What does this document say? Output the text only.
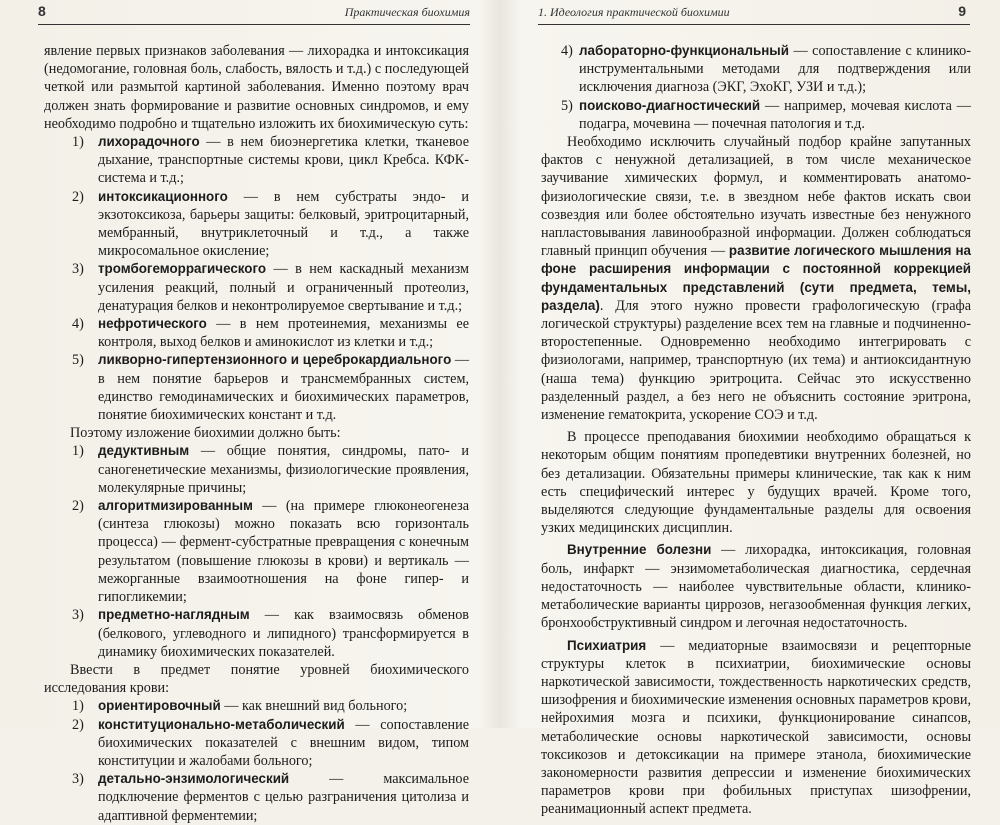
8	Практическая биохимия

явление первых признаков заболевания — лихорадка и интоксикация (недомогание, головная боль, слабость, вялость и т.д.) с последующей четкой или размытой картиной заболевания. Именно поэтому врач должен знать формирование и развитие основных синдромов, и ему необходимо подробно и тщательно изложить их биохимическую суть:

1) лихорадочного — в нем биоэнергетика клетки, тканевое дыхание, транспортные системы крови, цикл Кребса. КФК-система и т.д.;
2) интоксикационного — в нем субстраты эндо- и экзотоксикоза, барьеры защиты: белковый, эритроцитарный, мембранный, внутриклеточный и т.д., а также микросомальное окисление;
3) тромбогеморрагического — в нем каскадный механизм усиления реакций, полный и ограниченный протеолиз, денатурация белков и неконтролируемое свертывание и т.д.;
4) нефротического — в нем протеинемия, механизмы ее контроля, выход белков и аминокислот из клетки и т.д.;
5) ликворно-гипертензионного и цереброкардиального — в нем понятие барьеров и трансмембранных систем, единство гемодинамических и биохимических параметров, понятие биохимических констант и т.д.

Поэтому изложение биохимии должно быть:

1) дедуктивным — общие понятия, синдромы, пато- и саногенетические механизмы, физиологические проявления, молекулярные причины;
2) алгоритмизированным — (на примере глюконеогенеза (синтеза глюкозы) можно показать всю горизонталь процесса) — фермент-субстратные превращения с конечным результатом (повышение глюкозы в крови) и вертикаль — межорганные взаимоотношения на фоне гипер- и гипогликемии;
3) предметно-наглядным — как взаимосвязь обменов (белкового, углеводного и липидного) трансформируется в динамику биохимических показателей.

Ввести в предмет понятие уровней биохимического исследования крови:

1) ориентировочный — как внешний вид больного;
2) конституционально-метаболический — сопоставление биохимических показателей с внешним видом, типом конституции и жалобами больного;
3) детально-энзимологический — максимальное подключение ферментов с целью разграничения цитолиза и адаптивной ферментемии;
1. Идеология практической биохимии	9
4) лабораторно-функциональный — сопоставление с клинико-инструментальными методами для подтверждения или исключения диагноза (ЭКГ, ЭхоКГ, УЗИ и т.д.);
5) поисково-диагностический — например, мочевая кислота — подагра, мочевина — почечная патология и т.д.

Необходимо исключить случайный подбор крайне запутанных фактов с ненужной детализацией, в том числе механическое заучивание химических формул, и комментировать анатомо-физиологические связи, т.е. в звездном небе фактов искать свои созвездия или более обстоятельно изучать известные без ненужного напластовывания лавинообразной информации. Должен соблюдаться главный принцип обучения — развитие логического мышления на фоне расширения информации с постоянной коррекцией фундаментальных представлений (сути предмета, темы, раздела). Для этого нужно провести графологическую (графа логической структуры) разделение всех тем на главные и подчиненно-второстепенные. Одновременно необходимо интегрировать с физиологами, например, транспортную (их тема) и антиоксидантную (наша тема) функцию эритроцита. Сейчас это искусственно разделенный раздел, а без него не объяснить состояние эритрона, изменение гематокрита, ускорение СОЭ и т.д.

В процессе преподавания биохимии необходимо обращаться к некоторым общим понятиям пропедевтики внутренних болезней, но без детализации. Обязательны примеры клинические, так как к ним есть специфический интерес у будущих врачей. Кроме того, выделяются следующие фундаментальные разделы для освоения узких медицинских дисциплин.

Внутренние болезни — лихорадка, интоксикация, головная боль, инфаркт — энзимометаболическая диагностика, сердечная недостаточность — наиболее чувствительные области, клинико-метаболические варианты циррозов, негазообменная функция легких, бронхообструктивный синдром и легочная недостаточность.

Психиатрия — медиаторные взаимосвязи и рецепторные структуры клеток в психиатрии, биохимические основы наркотической зависимости, тождественность наркотических средств, шизофрения и биохимические изменения основных параметров крови, нейрохимия мозга и психики, функционирование синапсов, метаболические основы наркотической зависимости, основы токсикозов и детоксикации на примере этанола, биохимические закономерности развития депрессии и изменение биохимических параметров крови при фобильных приступах шизофрении, реанимационный аспект предмета.
